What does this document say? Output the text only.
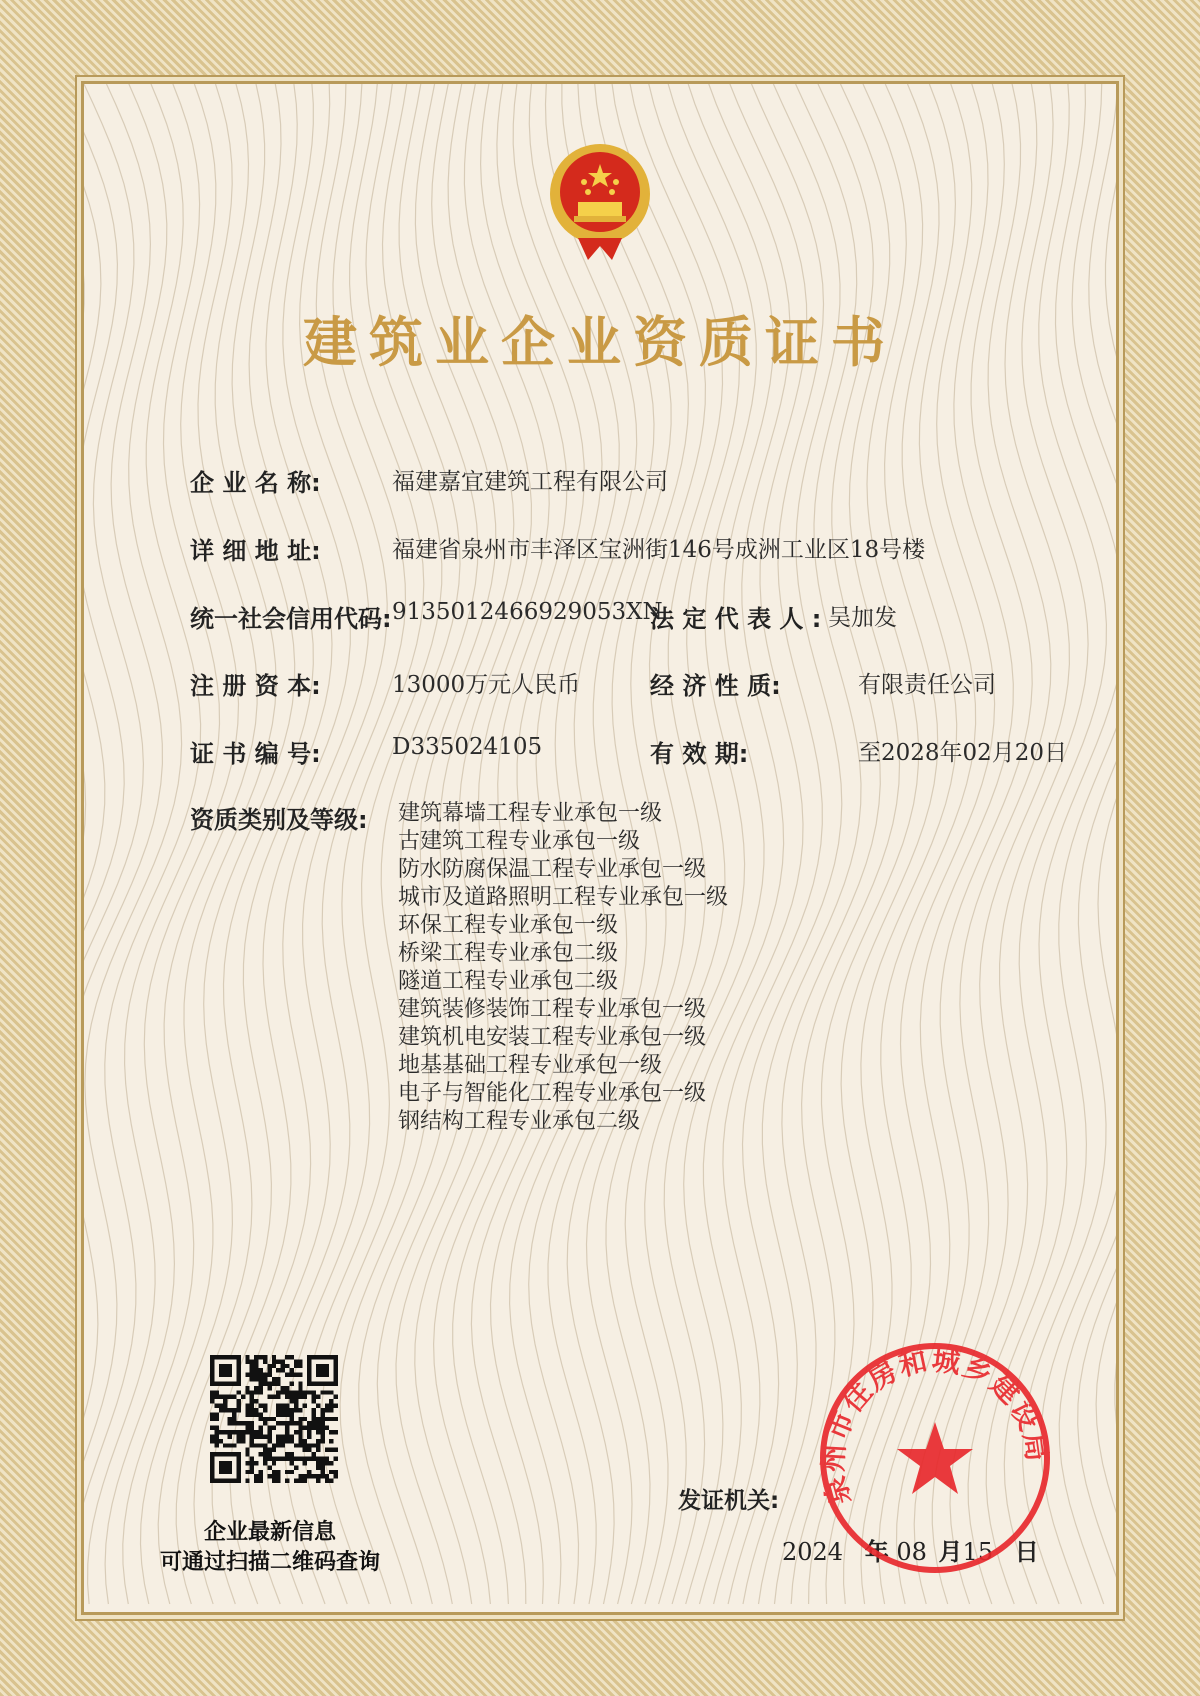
建筑业企业资质证书
企 业 名 称:	福建嘉宜建筑工程有限公司
详 细 地 址:	福建省泉州市丰泽区宝洲街146号成洲工业区18号楼
统一社会信用代码: 9135012466929053XN
法 定 代 表 人 : 吴加发
注 册 资 本:	13000万元人民币	经 济 性 质:	有限责任公司
证 书 编 号:	D335024105	有 效 期:	至2028年02月20日
资质类别及等级: 建筑幕墙工程专业承包一级
古建筑工程专业承包一级
防水防腐保温工程专业承包一级
城市及道路照明工程专业承包一级
环保工程专业承包一级
桥梁工程专业承包二级
隧道工程专业承包二级
建筑装修装饰工程专业承包一级
建筑机电安装工程专业承包一级
地基基础工程专业承包一级
电子与智能化工程专业承包一级
钢结构工程专业承包二级
企业最新信息
可通过扫描二维码查询
发证机关:
2024 年 08 月15 日
泉州市住房和城乡建设局
